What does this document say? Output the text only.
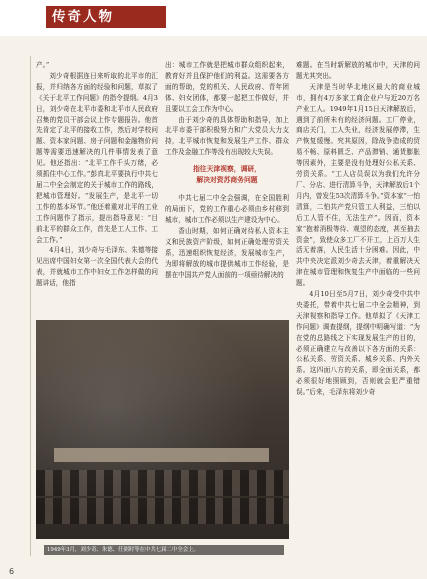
传奇人物

产。”

刘少奇根据连日来听取的北平市的汇报，并归纳各方面的经验和问题，草拟了《关于北平工作问题》的指令提纲。4月3日，刘少奇在北平市委和北平市人民政府召集的党员干部会议上作专题报告。他首先肯定了北平的接收工作，然后对学校问题、资本家问题、房子问题和金融物价问题等需要迅速解决的几件事情发表了意见。他还指出：“北平工作千头万绪，必须抓住中心工作。”彭真北平要执行中共七届二中全会制定的关于城市工作的路线，把城市管理好。“发展生产，是北平一切工作的基本环节。”他还着重对北平的工业工作问题作了指示，提出指导意见：“目前北平的群众工作，首先是工人工作、工会工作。”

4月4日，刘少奇与毛泽东、朱德等接见出席中国妇女第一次全国代表大会的代表，并就城市工作中妇女工作怎样做的问题讲话，他指

出：城市工作就是把城市群众组织起来，教育好并且保护他们的利益。这需要各方面的帮助，党的机关、人民政府、青年团体、妇女团体，都要一起把工作做好，并且要以工会工作为中心。

由于刘少奇的具体帮助和指导，加上北平市委干部积极努力和广大党员大力支持，北平城市恢复和发展生产工作、群众工作及金融工作等没有出现较大失误。

指往天津视察，调研，
解决对资苏商务问题

中共七届二中全会强调，在全国胜利的局面下，党的工作重心必须由乡村移到城市，城市工作必须以生产建设为中心。

香山时期，如何正确对待私人资本主义和民族资产阶级，如何正确处理劳资关系，迅速组织恢复经济，发展城市生产，为即将解放的城市提供城市工作经验，是摆在中国共产党人面前的一项亟待解决的

难题。在当时新解放的城市中，天津的问题尤其突出。

天津是当时华北地区最大的商业城市，拥有4万多家工商企业户与近20万名产业工人。1949年1月15日天津解放后，遇到了前所未有的经济问题。工厂停业，商店关门，工人失业，经济发展停滞，生产恢复缓慢。究其原因，除战争造成的贸易不畅、原料匮乏、产品滞销、通货膨胀等因素外，主要是没有处理好公私关系、劳资关系。“工人店员误以为我们允许分厂、分店、进行清算斗争，天津解放后1个月内，曾发生53次清算斗争。”资本家“一怕清算，二怕共产党只管工人利益，三怕以后工人管不住，无法生产”。因而，资本家“抱着消极等待、观望的态度，甚至抽去资金”，致使众多工厂不开工，上百万人生活无着落，人民生活十分困难。因此，中共中央决定派刘少奇去天津，着重解决天津在城市管理和恢复生产中面临的一些问题。

4月10日至5月7日，刘少奇受中共中央委托，带着中共七届二中全会精神，到天津视察和指导工作。他草拟了《天津工作问题》调查提纲，提纲中明确写道：“为在党的总路线之下实现发展生产的目的，必须正确建立与改善以下各方面的关系：公私关系、劳资关系、城乡关系、内外关系。这四面八方的关系，即全面关系，都必须很好地照顾到，否则就会犯严重错误。”后来，毛泽东将刘少奇

1949年3月，刘少奇、朱德、任弼时等在中共七届二中全会上。
6
